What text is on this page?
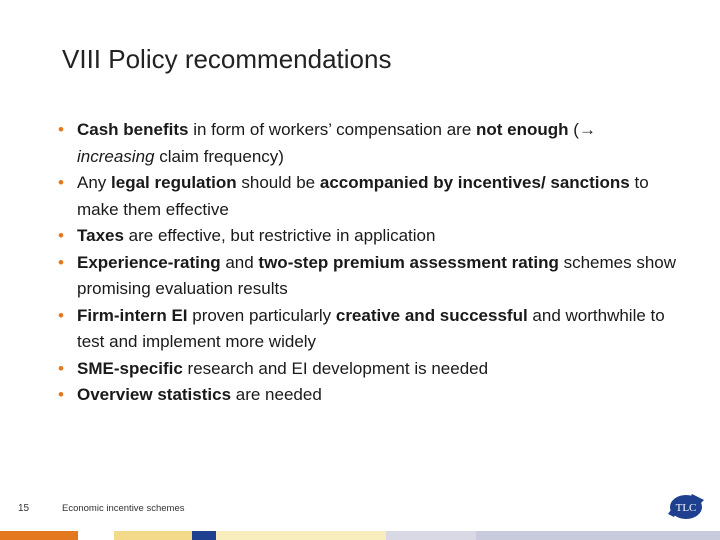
VIII Policy recommendations
• Cash benefits in form of workers’ compensation are not enough (→ increasing claim frequency)
• Any legal regulation should be accompanied by incentives/ sanctions to make them effective
• Taxes are effective, but restrictive in application
• Experience-rating and two-step premium assessment rating schemes show promising evaluation results
• Firm-intern EI proven particularly creative and successful and worthwhile to test and implement more widely
• SME-specific research and EI development is needed
• Overview statistics are needed
15	Economic incentive schemes	TLC
